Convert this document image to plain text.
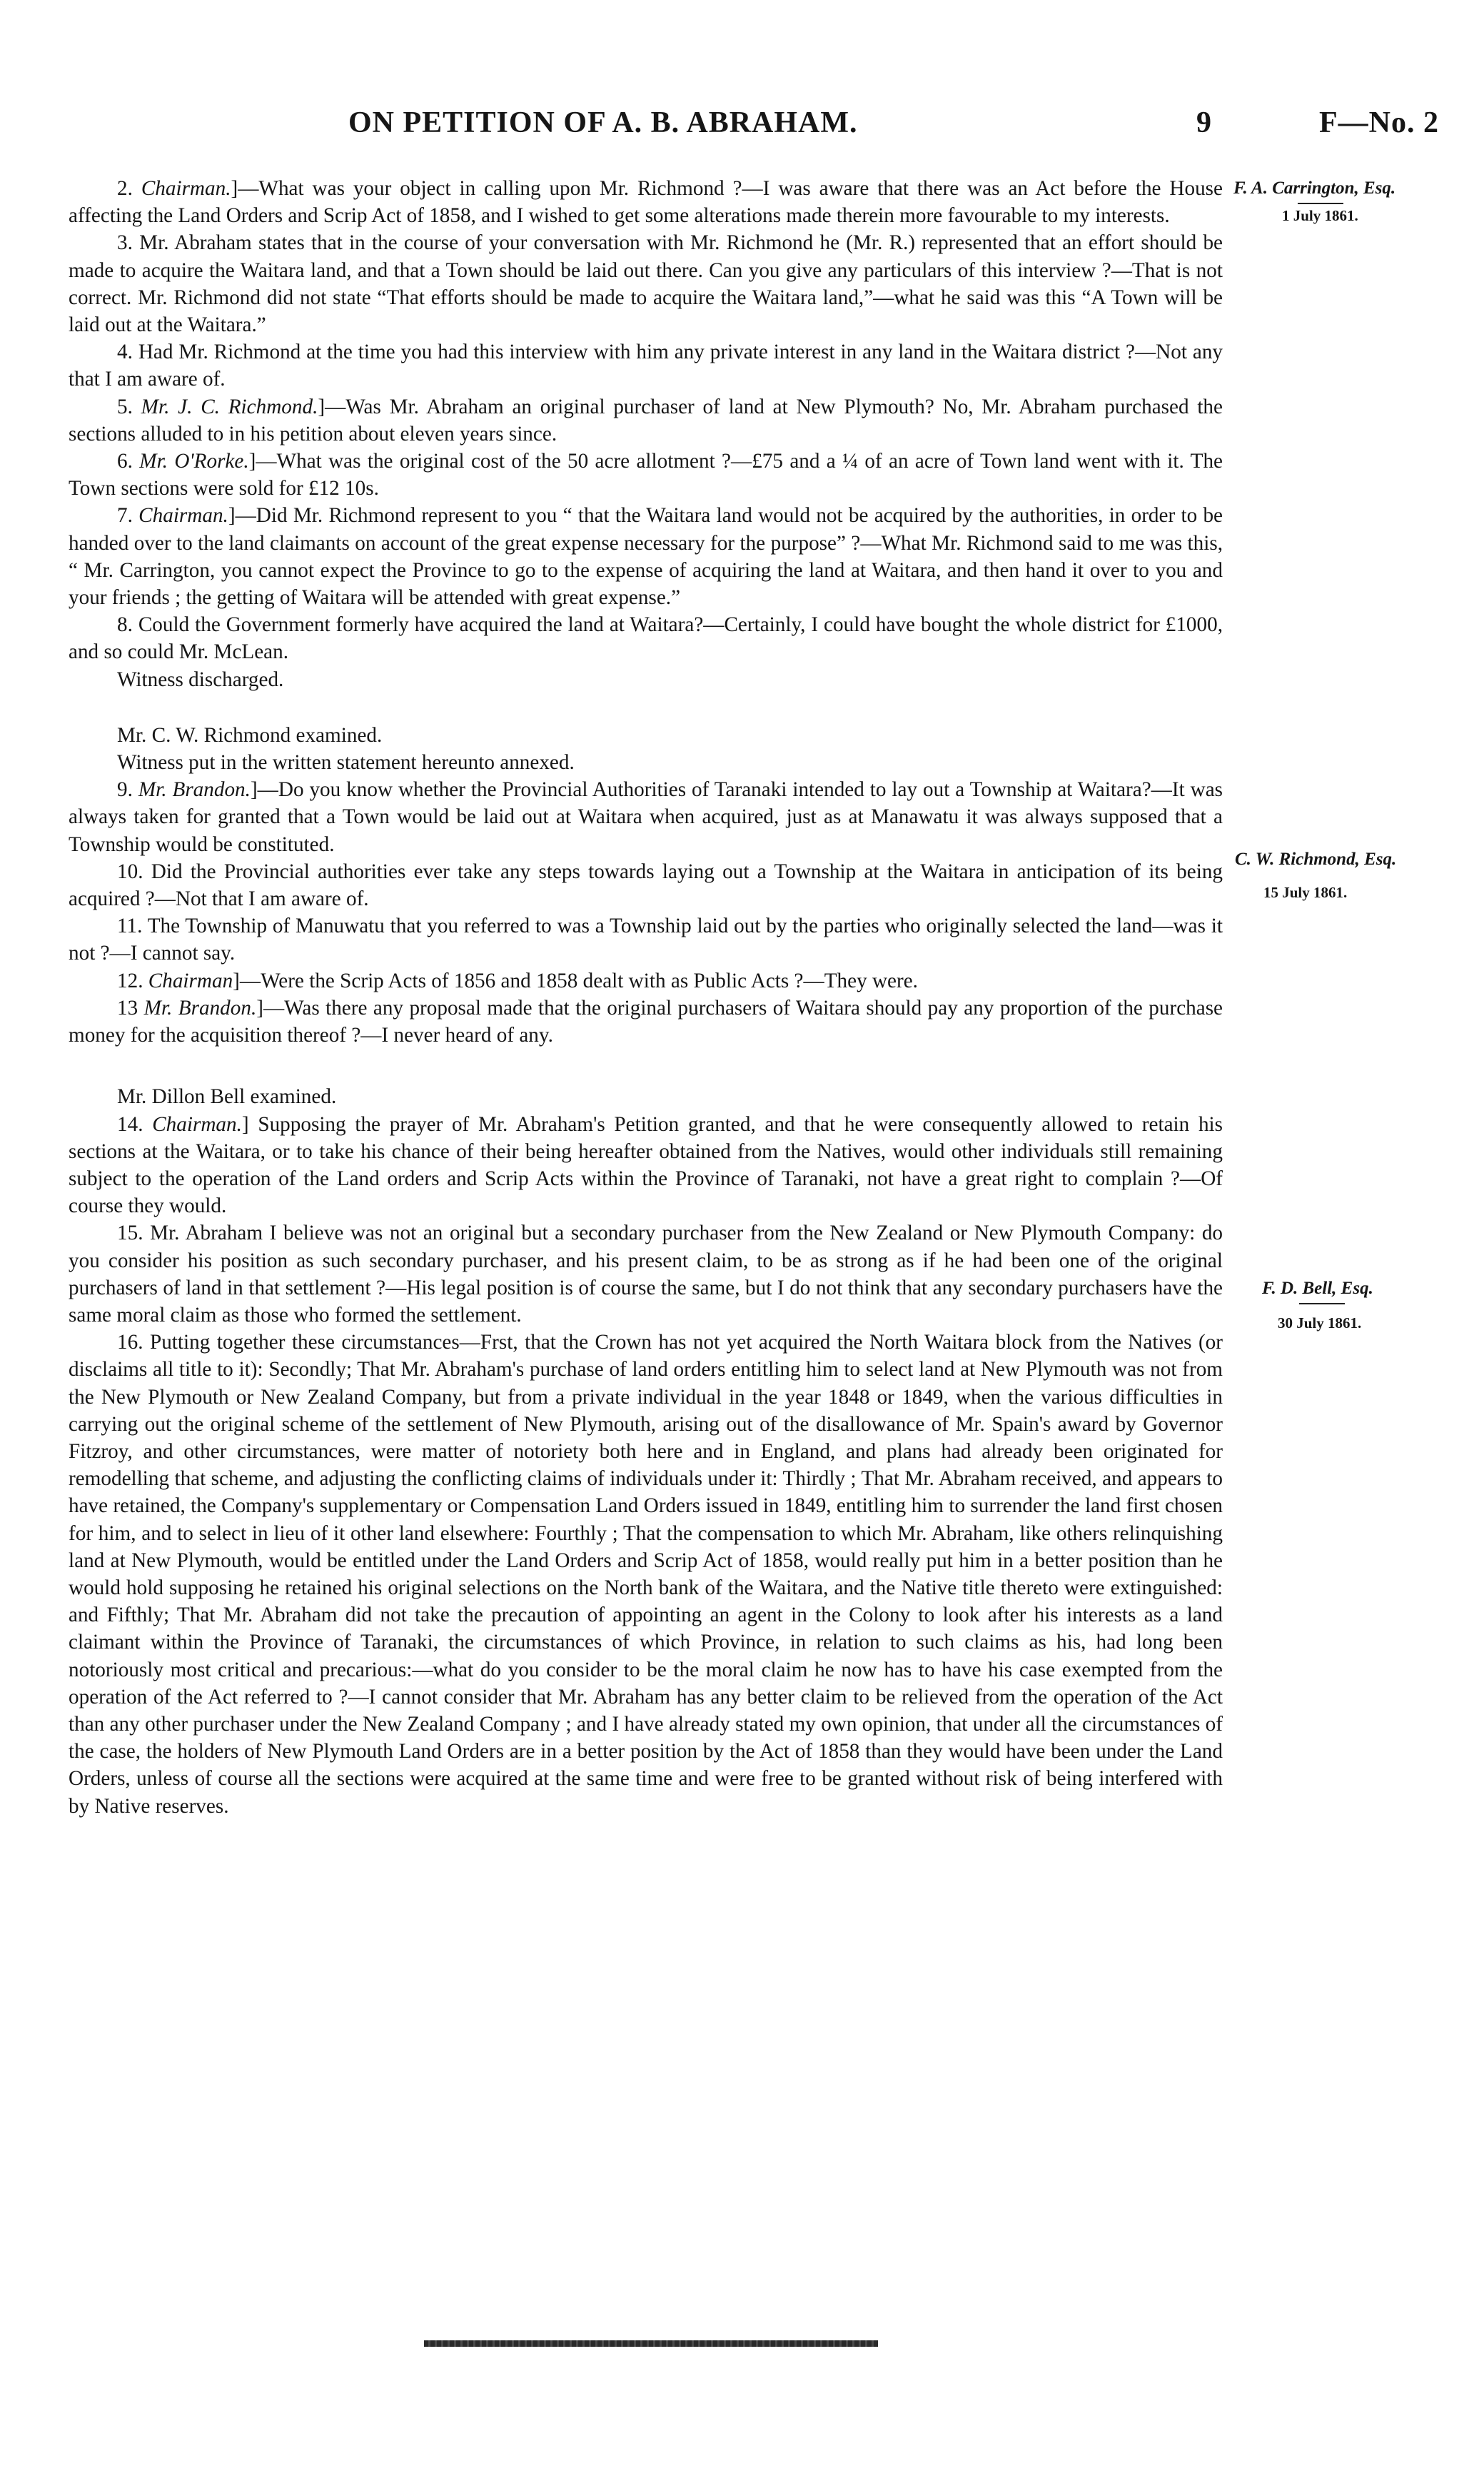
ON PETITION OF A. B. ABRAHAM.	9	F—No. 2
F. A. Carrington, Esq.
1 July 1861.
C. W. Richmond, Esq.
15 July 1861.
F. D. Bell, Esq.
30 July 1861.

2. Chairman.]—What was your object in calling upon Mr. Richmond ?—I was aware that there was an Act before the House affecting the Land Orders and Scrip Act of 1858, and I wished to get some alterations made therein more favourable to my interests.

3. Mr. Abraham states that in the course of your conversation with Mr. Richmond he (Mr. R.) represented that an effort should be made to acquire the Waitara land, and that a Town should be laid out there. Can you give any particulars of this interview ?—That is not correct. Mr. Richmond did not state “That efforts should be made to acquire the Waitara land,”—what he said was this “A Town will be laid out at the Waitara.”

4. Had Mr. Richmond at the time you had this interview with him any private interest in any land in the Waitara district ?—Not any that I am aware of.

5. Mr. J. C. Richmond.]—Was Mr. Abraham an original purchaser of land at New Plymouth? No, Mr. Abraham purchased the sections alluded to in his petition about eleven years since.

6. Mr. O'Rorke.]—What was the original cost of the 50 acre allotment ?—£75 and a ¼ of an acre of Town land went with it. The Town sections were sold for £12 10s.

7. Chairman.]—Did Mr. Richmond represent to you “ that the Waitara land would not be acquired by the authorities, in order to be handed over to the land claimants on account of the great expense necessary for the purpose” ?—What Mr. Richmond said to me was this, “ Mr. Carrington, you cannot expect the Province to go to the expense of acquiring the land at Waitara, and then hand it over to you and your friends ; the getting of Waitara will be attended with great expense.”

8. Could the Government formerly have acquired the land at Waitara?—Certainly, I could have bought the whole district for £1000, and so could Mr. McLean.

Witness discharged.

Mr. C. W. Richmond examined.

Witness put in the written statement hereunto annexed.

9. Mr. Brandon.]—Do you know whether the Provincial Authorities of Taranaki intended to lay out a Township at Waitara?—It was always taken for granted that a Town would be laid out at Waitara when acquired, just as at Manawatu it was always supposed that a Township would be constituted.

10. Did the Provincial authorities ever take any steps towards laying out a Township at the Waitara in anticipation of its being acquired ?—Not that I am aware of.

11. The Township of Manuwatu that you referred to was a Township laid out by the parties who originally selected the land—was it not ?—I cannot say.

12. Chairman]—Were the Scrip Acts of 1856 and 1858 dealt with as Public Acts ?—They were.

13 Mr. Brandon.]—Was there any proposal made that the original purchasers of Waitara should pay any proportion of the purchase money for the acquisition thereof ?—I never heard of any.

Mr. Dillon Bell examined.

14. Chairman.] Supposing the prayer of Mr. Abraham's Petition granted, and that he were consequently allowed to retain his sections at the Waitara, or to take his chance of their being hereafter obtained from the Natives, would other individuals still remaining subject to the operation of the Land orders and Scrip Acts within the Province of Taranaki, not have a great right to complain ?—Of course they would.

15. Mr. Abraham I believe was not an original but a secondary purchaser from the New Zealand or New Plymouth Company: do you consider his position as such secondary purchaser, and his present claim, to be as strong as if he had been one of the original purchasers of land in that settlement ?—His legal position is of course the same, but I do not think that any secondary purchasers have the same moral claim as those who formed the settlement.

16. Putting together these circumstances—Frst, that the Crown has not yet acquired the North Waitara block from the Natives (or disclaims all title to it): Secondly; That Mr. Abraham's purchase of land orders entitling him to select land at New Plymouth was not from the New Plymouth or New Zealand Company, but from a private individual in the year 1848 or 1849, when the various difficulties in carrying out the original scheme of the settlement of New Plymouth, arising out of the disallowance of Mr. Spain's award by Governor Fitzroy, and other circumstances, were matter of notoriety both here and in England, and plans had already been originated for remodelling that scheme, and adjusting the conflicting claims of individuals under it: Thirdly ; That Mr. Abraham received, and appears to have retained, the Company's supplementary or Compensation Land Orders issued in 1849, entitling him to surrender the land first chosen for him, and to select in lieu of it other land elsewhere: Fourthly ; That the compensation to which Mr. Abraham, like others relinquishing land at New Plymouth, would be entitled under the Land Orders and Scrip Act of 1858, would really put him in a better position than he would hold supposing he retained his original selections on the North bank of the Waitara, and the Native title thereto were extinguished: and Fifthly; That Mr. Abraham did not take the precaution of appointing an agent in the Colony to look after his interests as a land claimant within the Province of Taranaki, the circumstances of which Province, in relation to such claims as his, had long been notoriously most critical and precarious:—what do you consider to be the moral claim he now has to have his case exempted from the operation of the Act referred to ?—I cannot consider that Mr. Abraham has any better claim to be relieved from the operation of the Act than any other purchaser under the New Zealand Company ; and I have already stated my own opinion, that under all the circumstances of the case, the holders of New Plymouth Land Orders are in a better position by the Act of 1858 than they would have been under the Land Orders, unless of course all the sections were acquired at the same time and were free to be granted without risk of being interfered with by Native reserves.
